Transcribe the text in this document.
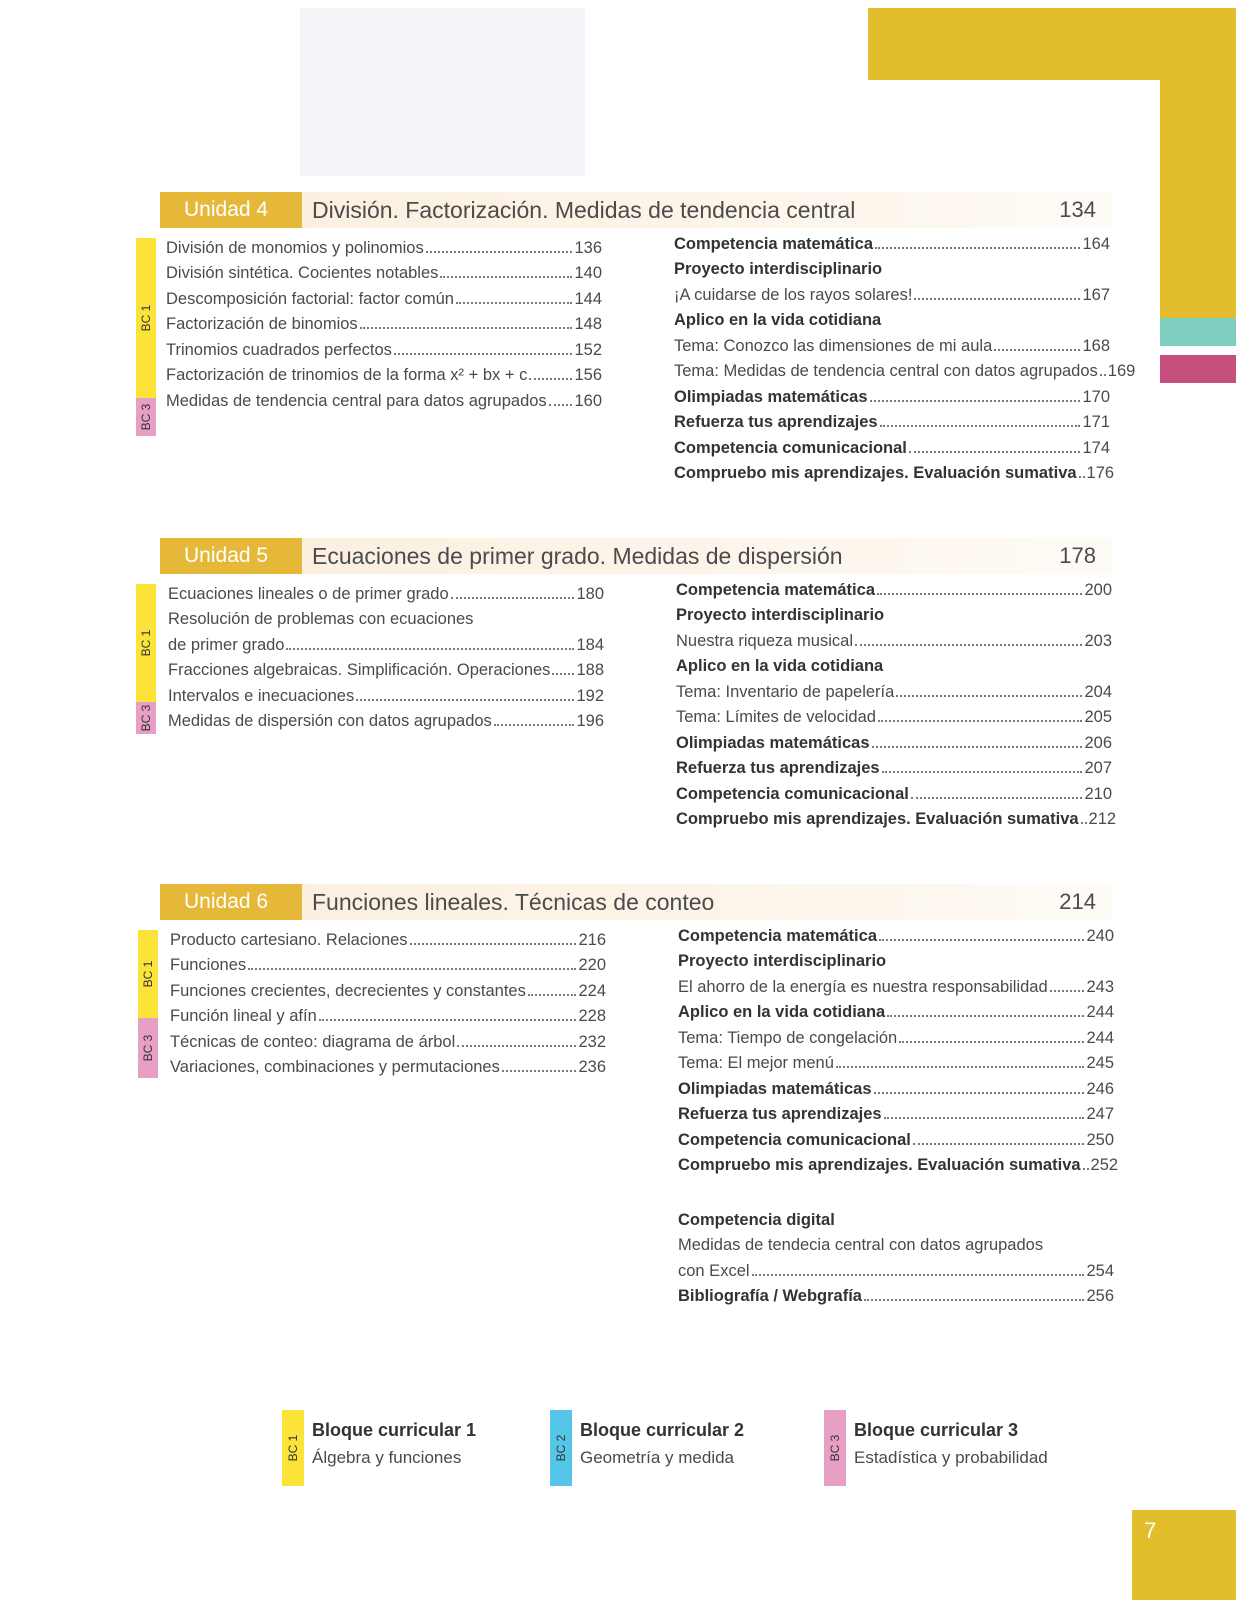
Unidad 4	División. Factorización. Medidas de tendencia central	134
BC 1
BC 3
División de monomios y polinomios	136
División sintética. Cocientes notables	140
Descomposición factorial: factor común	144
Factorización de binomios	148
Trinomios cuadrados perfectos	152
Factorización de trinomios de la forma x² + bx + c	156
Medidas de tendencia central para datos agrupados 160
Competencia matemática	164
Proyecto interdisciplinario
¡A cuidarse de los rayos solares!	167
Aplico en la vida cotidiana
Tema: Conozco las dimensiones de mi aula	168
Tema: Medidas de tendencia central con datos agrupados 169
Olimpiadas matemáticas	170
Refuerza tus aprendizajes	171
Competencia comunicacional	174
Compruebo mis aprendizajes. Evaluación sumativa 176
Unidad 5	Ecuaciones de primer grado. Medidas de dispersión	178
BC 1
BC 3
Ecuaciones lineales o de primer grado	180
Resolución de problemas con ecuaciones
de primer grado	184
Fracciones algebraicas. Simplificación. Operaciones 188
Intervalos e inecuaciones	192
Medidas de dispersión con datos agrupados	196
Competencia matemática	200
Proyecto interdisciplinario
Nuestra riqueza musical	203
Aplico en la vida cotidiana
Tema: Inventario de papelería	204
Tema: Límites de velocidad	205
Olimpiadas matemáticas	206
Refuerza tus aprendizajes	207
Competencia comunicacional	210
Compruebo mis aprendizajes. Evaluación sumativa 212
Unidad 6	Funciones lineales. Técnicas de conteo	214
BC 1
BC 3
Producto cartesiano. Relaciones	216
Funciones	220
Funciones crecientes, decrecientes y constantes	224
Función lineal y afín	228
Técnicas de conteo: diagrama de árbol	232
Variaciones, combinaciones y permutaciones	236
Competencia matemática	240
Proyecto interdisciplinario
El ahorro de la energía es nuestra responsabilidad 243
Aplico en la vida cotidiana	244
Tema: Tiempo de congelación	244
Tema: El mejor menú	245
Olimpiadas matemáticas	246
Refuerza tus aprendizajes	247
Competencia comunicacional	250
Compruebo mis aprendizajes. Evaluación sumativa 252
Competencia digital
Medidas de tendecia central con datos agrupados
con Excel	254
Bibliografía / Webgrafía	256
BC 1
Bloque curricular 1
Álgebra y funciones	BC 2
Bloque curricular 2
Geometría y medida	BC 3
Bloque curricular 3
Estadística y probabilidad
7
